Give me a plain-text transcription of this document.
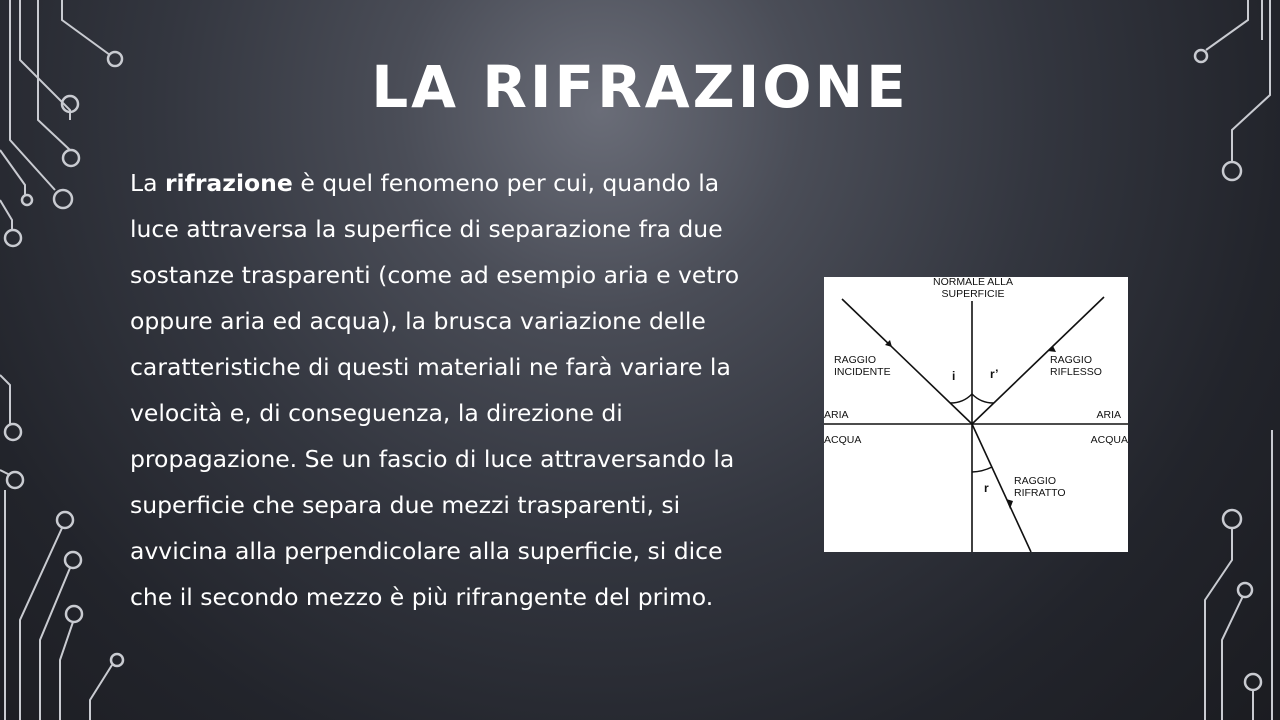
LA RIFRAZIONE
La rifrazione è quel fenomeno per cui, quando la luce attraversa la superfice di separazione fra due sostanze trasparenti (come ad esempio aria e vetro oppure aria ed acqua), la brusca variazione delle caratteristiche di questi materiali ne farà variare la velocità e, di conseguenza, la direzione di propagazione. Se un fascio di luce attraversando la superficie che separa due mezzi trasparenti, si avvicina alla perpendicolare alla superficie, si dice che il secondo mezzo è più rifrangente del primo.
NORMALE ALLA
SUPERFICIE
RAGGIO
INCIDENTE
RAGGIO
RIFLESSO
RAGGIO
RIFRATTO
ARIA	ARIA
ACQUA	ACQUA
i	r’
r
